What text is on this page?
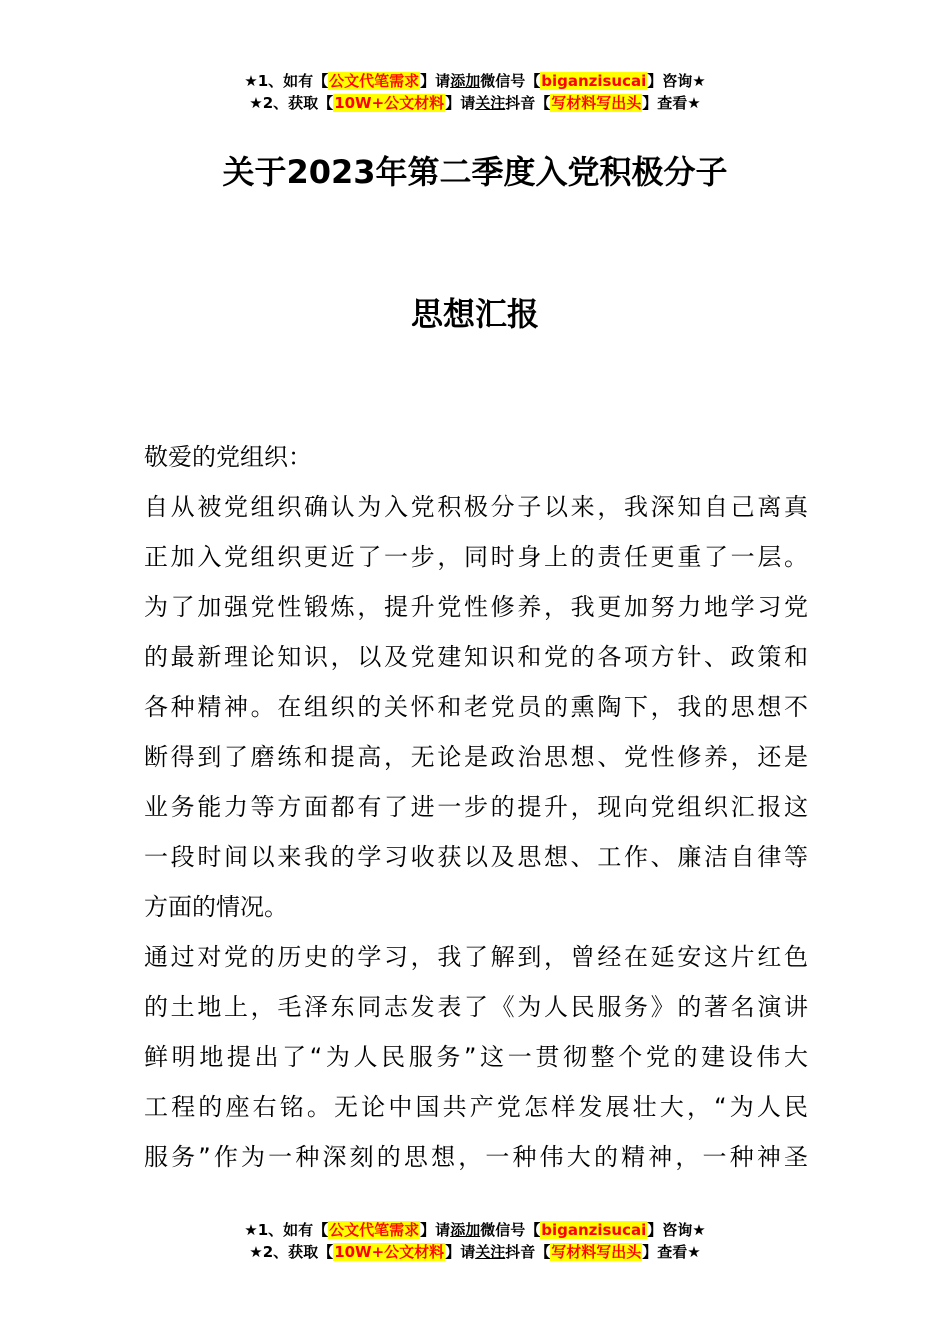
★1、如有【公文代笔需求】请添加微信号【biganzisucai】咨询★
★2、获取【10W+公文材料】请关注抖音【写材料写出头】查看★
关于2023年第二季度入党积极分子
思想汇报
敬爱的党组织：
自从被党组织确认为入党积极分子以来，我深知自己离真
正加入党组织更近了一步，同时身上的责任更重了一层。
为了加强党性锻炼，提升党性修养，我更加努力地学习党
的最新理论知识，以及党建知识和党的各项方针、政策和
各种精神。在组织的关怀和老党员的熏陶下，我的思想不
断得到了磨练和提高，无论是政治思想、党性修养，还是
业务能力等方面都有了进一步的提升，现向党组织汇报这
一段时间以来我的学习收获以及思想、工作、廉洁自律等
方面的情况。
通过对党的历史的学习，我了解到，曾经在延安这片红色
的土地上，毛泽东同志发表了《为人民服务》的著名演讲
鲜明地提出了“为人民服务”这一贯彻整个党的建设伟大
工程的座右铭。无论中国共产党怎样发展壮大，“为人民
服务”作为一种深刻的思想，一种伟大的精神，一种神圣
★1、如有【公文代笔需求】请添加微信号【biganzisucai】咨询★
★2、获取【10W+公文材料】请关注抖音【写材料写出头】查看★
